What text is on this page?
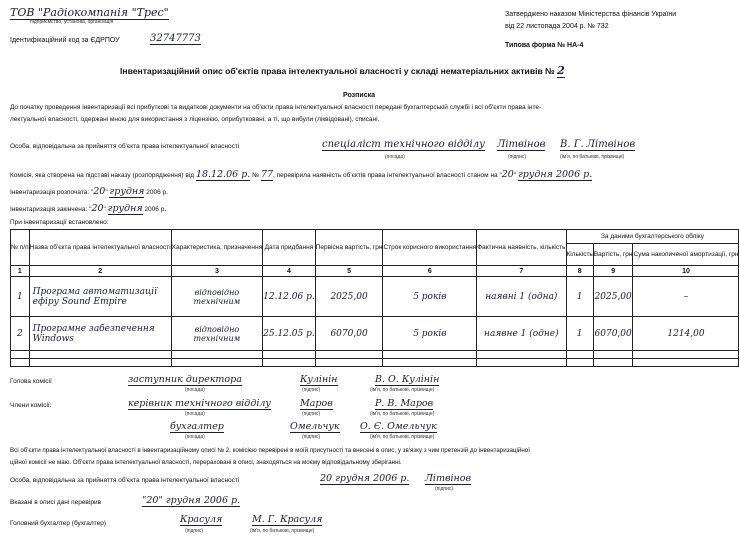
ТОВ "Радіокомпанія "Трес"
підприємство, установа, організація
Ідентифікаційний код за ЄДРПОУ	32747773
Затверджено наказом Міністерства фінансів України
від 22 листопада 2004 р. № 732
Типова форма № НА-4
Інвентаризаційний опис об'єктів права інтелектуальної власності у складі нематеріальних активів № 2
Розписка
До початку проведення інвентаризації всі прибуткові та видаткові документи на об'єкти права інтелектуальної власності передані бухгалтерській службі і всі об'єкти права інте-
лектуальної власності, одержані мною для використання з ліцензією, оприбутковані, а ті, що вибули (ліквідовані), списані.
Особа, відповідальна за прийняття об'єкта права інтелектуальної власності	спеціаліст технічного відділу Літвінов В. Г. Літвінов
(посада)	(підпис)	(ім'я, по батькові, прізвище)
Комісія, яка створена на підставі наказу (розпорядження) від 18.12.06 р. № 77, перевірила наявність об'єктів права інтелектуальної власності станом на "20" грудня 2006 р.
Інвентаризація розпочата: "20" грудня 2006 р.
Інвентаризація закінчена: "20" грудня 2006 р.
При інвентаризації встановлено:
№ п/п	Назва об'єкта права інтелектуальної власності	Характеристика, призначення	Дата придбання	Первісна вартість, грн	Строк корисного використання	Фактична наявність, кількість	За даними бухгалтерського обліку		
							Кількість	Вартість, грн	Сума накопиченої амортизації, грн
1	2	3	4	5	6	7	8	9	10
1	Програма автоматизації ефіру Sound Empire	відповідно технічним	12.12.06 р.	2025,00	5 років	наявні 1 (одна)	1	2025,00	–
2	Програмне забезпечення Windows	відповідно технічним	25.12.05 р.	6070,00	5 років	наявне 1 (одне)	1	6070,00	1214,00

Голова комісії	заступник директора	Кулінін	В. О. Кулінін
(посада)	(підпис)	(ім'я, по батькові, прізвище)
Члени комісії:	керівник технічного відділу	Маров	Р. В. Маров
(посада)	(підпис)	(ім'я, по батькові, прізвище)
бухгалтер	Омельчук О. Є. Омельчук
(посада)	(підпис)	(ім'я, по батькові, прізвище)
Всі об'єкти права інтелектуальної власності в інвентаризаційному описі № 2, комісією перевірені в моїй присутності та внесені в опис, у зв'язку з чим претензій до інвентаризаційної
ційної комісії не маю. Об'єкти права інтелектуальної власності, перераховані в описі, знаходяться на моєму відповідальному зберіганні.
Особа, відповідальна за прийняття об'єкта права інтелектуальної власності	20 грудня 2006 р. Літвінов
(підпис)
Вказані в описі дані перевірив	"20" грудня 2006 р.
Головний бухгалтер (бухгалтер)	Красуля	М. Г. Красуля
(підпис)	(ім'я, по батькові, прізвище)
